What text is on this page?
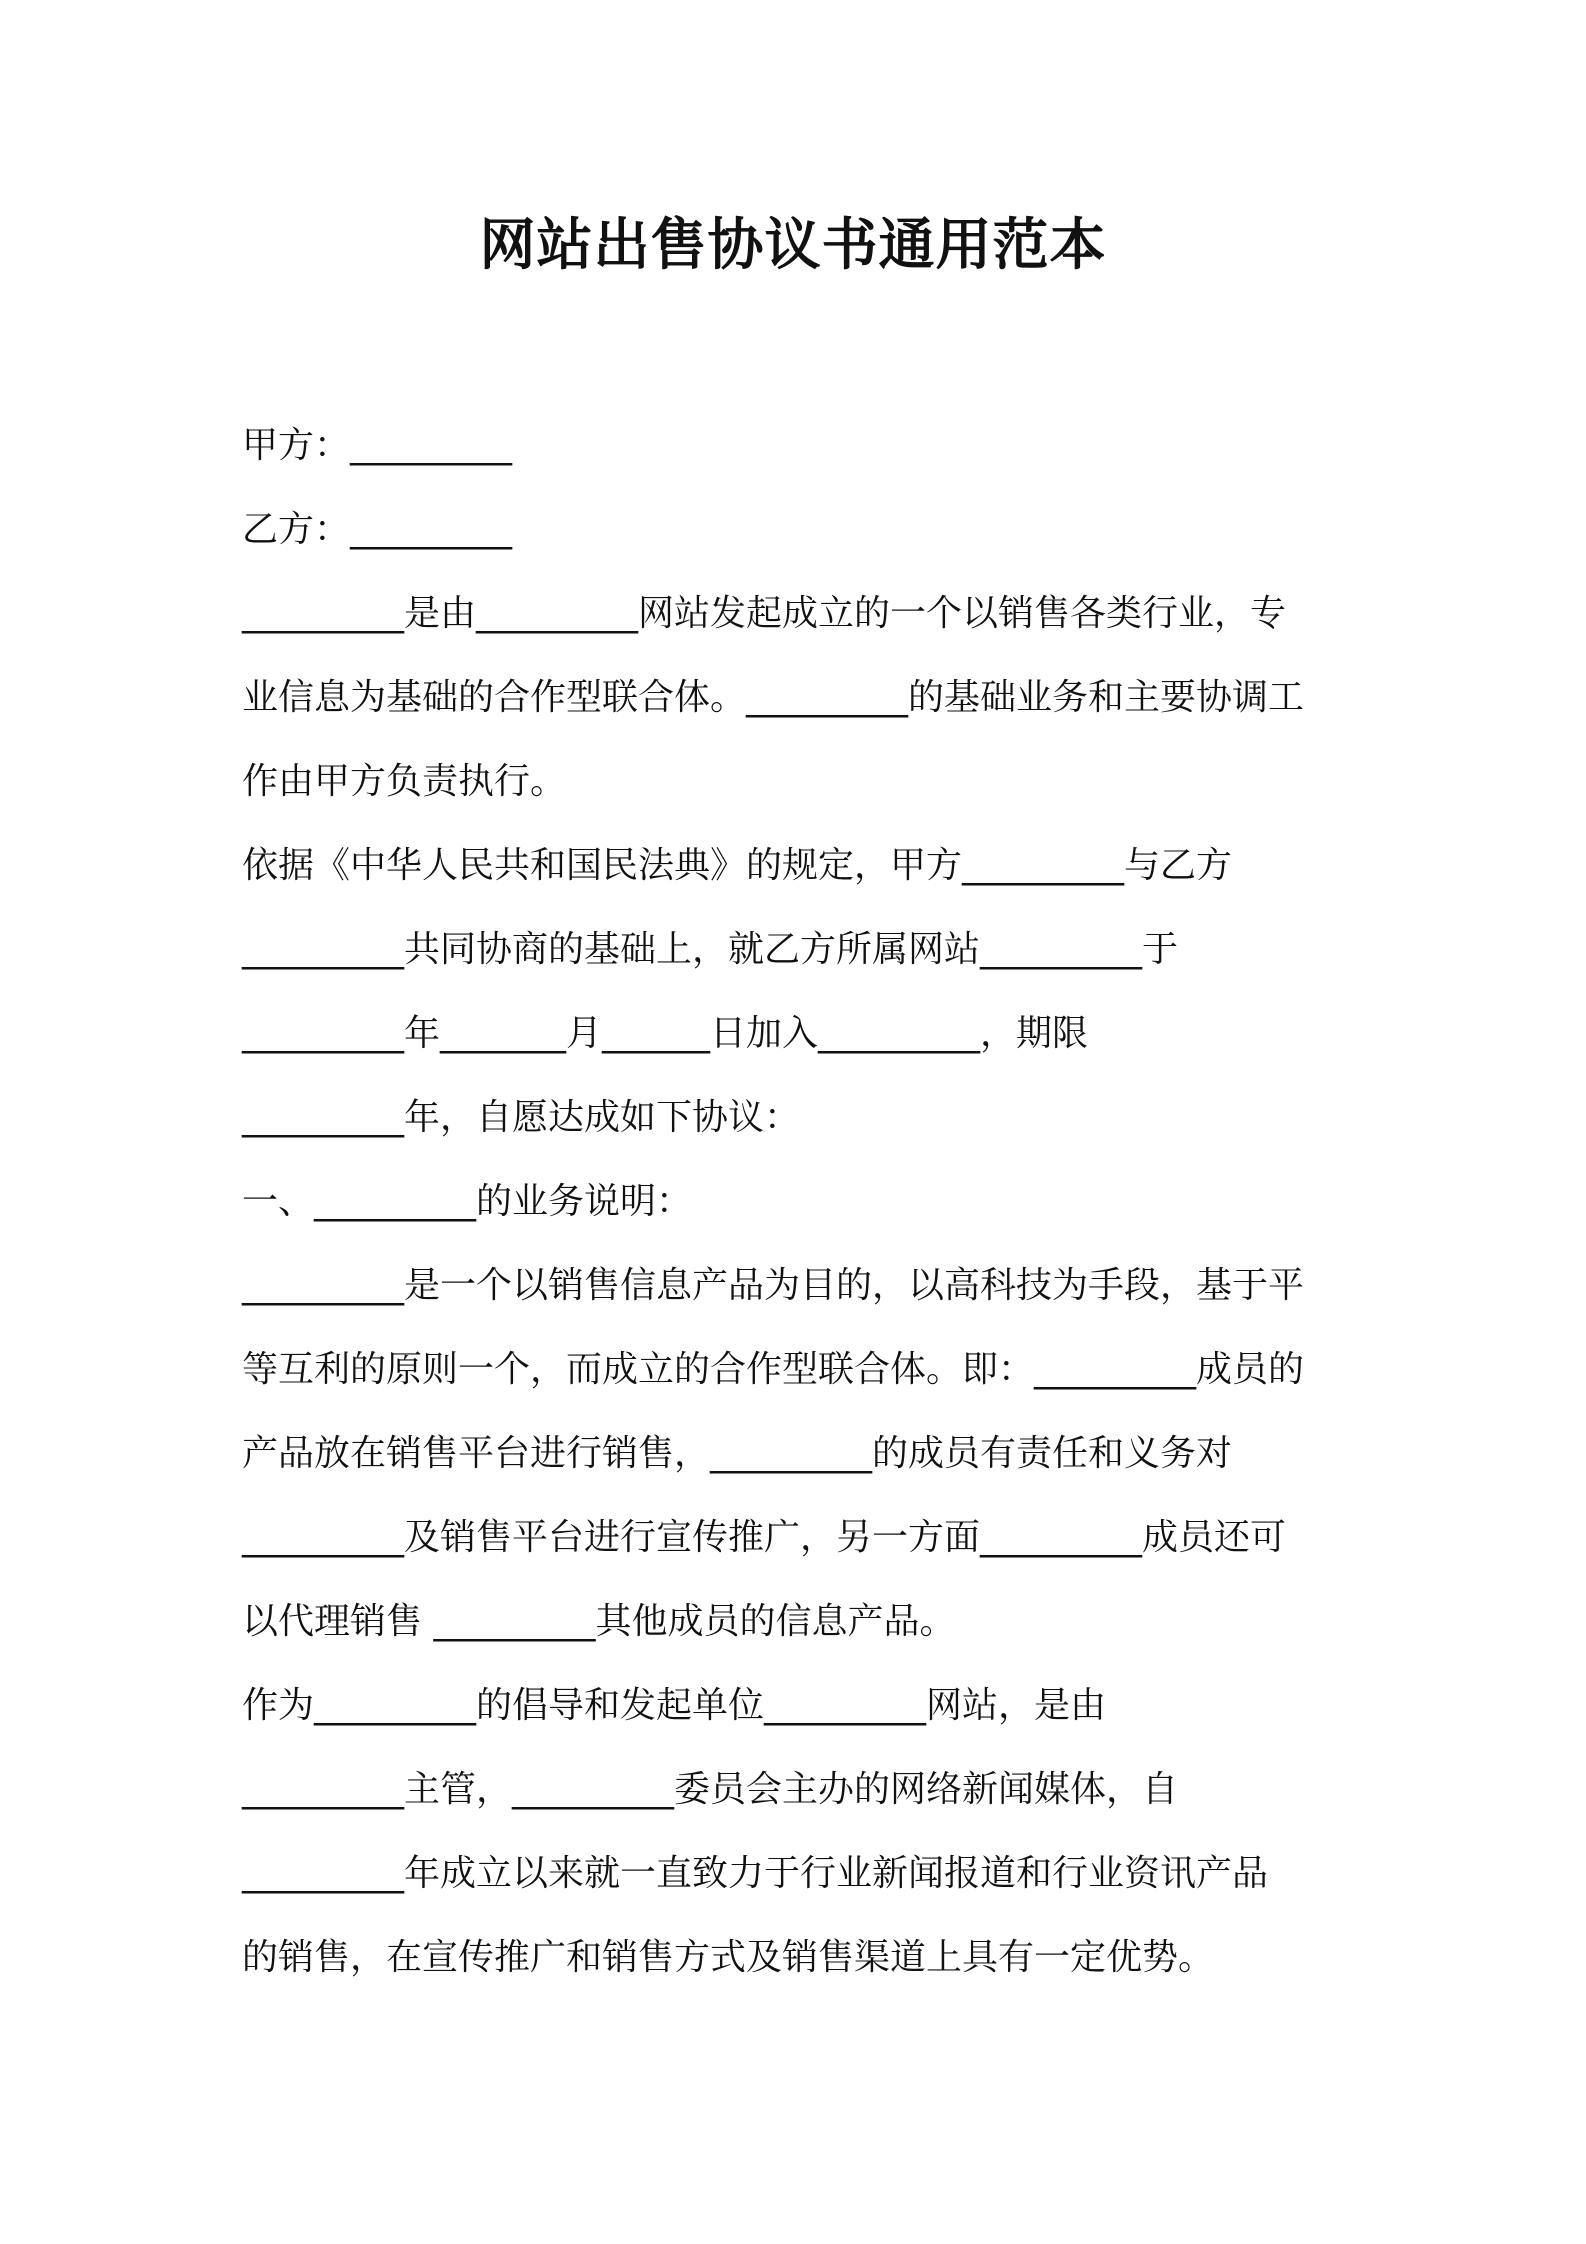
网站出售协议书通用范本
甲方：_________
乙方：_________
_________是由_________网站发起成立的一个以销售各类行业，专
业信息为基础的合作型联合体。_________的基础业务和主要协调工
作由甲方负责执行。
依据《中华人民共和国民法典》的规定，甲方_________与乙方
_________共同协商的基础上，就乙方所属网站_________于
_________年_______月______日加入_________，期限
_________年，自愿达成如下协议：
一、_________的业务说明：
_________是一个以销售信息产品为目的，以高科技为手段，基于平
等互利的原则一个，而成立的合作型联合体。即：_________成员的
产品放在销售平台进行销售，_________的成员有责任和义务对
_________及销售平台进行宣传推广，另一方面_________成员还可
以代理销售 _________其他成员的信息产品。
作为_________的倡导和发起单位_________网站，是由
_________主管，_________委员会主办的网络新闻媒体，自
_________年成立以来就一直致力于行业新闻报道和行业资讯产品
的销售，在宣传推广和销售方式及销售渠道上具有一定优势。
